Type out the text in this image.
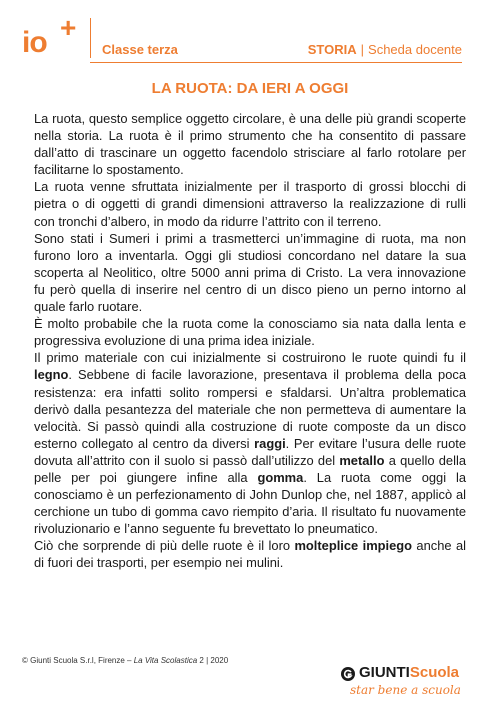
io +
Classe terza	STORIA | Scheda docente
LA RUOTA: DA IERI A OGGI

La ruota, questo semplice oggetto circolare, è una delle più grandi scoperte nella storia. La ruota è il primo strumento che ha consentito di passare dall’atto di trascinare un oggetto facendolo strisciare al farlo rotolare per facilitarne lo spostamento.

La ruota venne sfruttata inizialmente per il trasporto di grossi blocchi di pietra o di oggetti di grandi dimensioni attraverso la realizzazione di rulli con tronchi d’albero, in modo da ridurre l’attrito con il terreno.

Sono stati i Sumeri i primi a trasmetterci un’immagine di ruota, ma non furono loro a inventarla. Oggi gli studiosi concordano nel datare la sua scoperta al Neolitico, oltre 5000 anni prima di Cristo. La vera innovazione fu però quella di inserire nel centro di un disco pieno un perno intorno al quale farlo ruotare.

È molto probabile che la ruota come la conosciamo sia nata dalla lenta e progressiva evoluzione di una prima idea iniziale.

Il primo materiale con cui inizialmente si costruirono le ruote quindi fu il legno. Sebbene di facile lavorazione, presentava il problema della poca resistenza: era infatti solito rompersi e sfaldarsi. Un’altra problematica derivò dalla pesantezza del materiale che non permetteva di aumentare la velocità. Si passò quindi alla costruzione di ruote composte da un disco esterno collegato al centro da diversi raggi. Per evitare l’usura delle ruote dovuta all’attrito con il suolo si passò dall’utilizzo del metallo a quello della pelle per poi giungere infine alla gomma. La ruota come oggi la conosciamo è un perfezionamento di John Dunlop che, nel 1887, applicò al cerchione un tubo di gomma cavo riempito d’aria. Il risultato fu nuovamente rivoluzionario e l’anno seguente fu brevettato lo pneumatico.

Ciò che sorprende di più delle ruote è il loro molteplice impiego anche al di fuori dei trasporti, per esempio nei mulini.

© Giunti Scuola S.r.l, Firenze – La Vita Scolastica 2 | 2020
GIUNTIScuola
star bene a scuola
